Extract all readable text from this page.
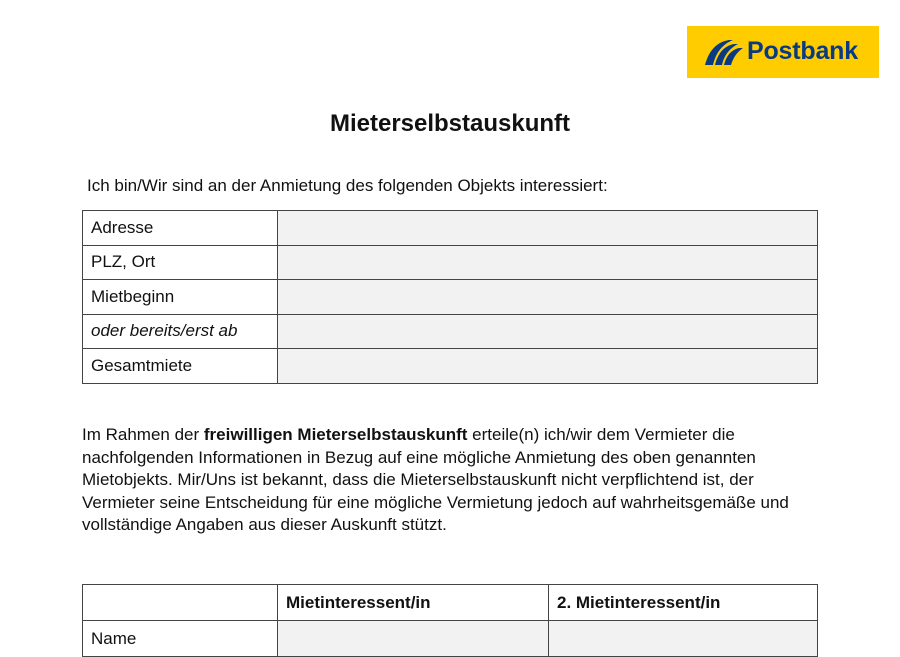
Postbank
Mieterselbstauskunft
Ich bin/Wir sind an der Anmietung des folgenden Objekts interessiert:
Adresse	
PLZ, Ort	
Mietbeginn	
oder bereits/erst ab	
Gesamtmiete	
Im Rahmen der freiwilligen Mieterselbstauskunft erteile(n) ich/wir dem Vermieter die nachfolgenden Informationen in Bezug auf eine mögliche Anmietung des oben genannten Mietobjekts. Mir/Uns ist bekannt, dass die Mieterselbstauskunft nicht verpflichtend ist, der Vermieter seine Entscheidung für eine mögliche Vermietung jedoch auf wahrheitsgemäße und vollständige Angaben aus dieser Auskunft stützt.
	Mietinteressent/in	2. Mietinteressent/in
Name		
